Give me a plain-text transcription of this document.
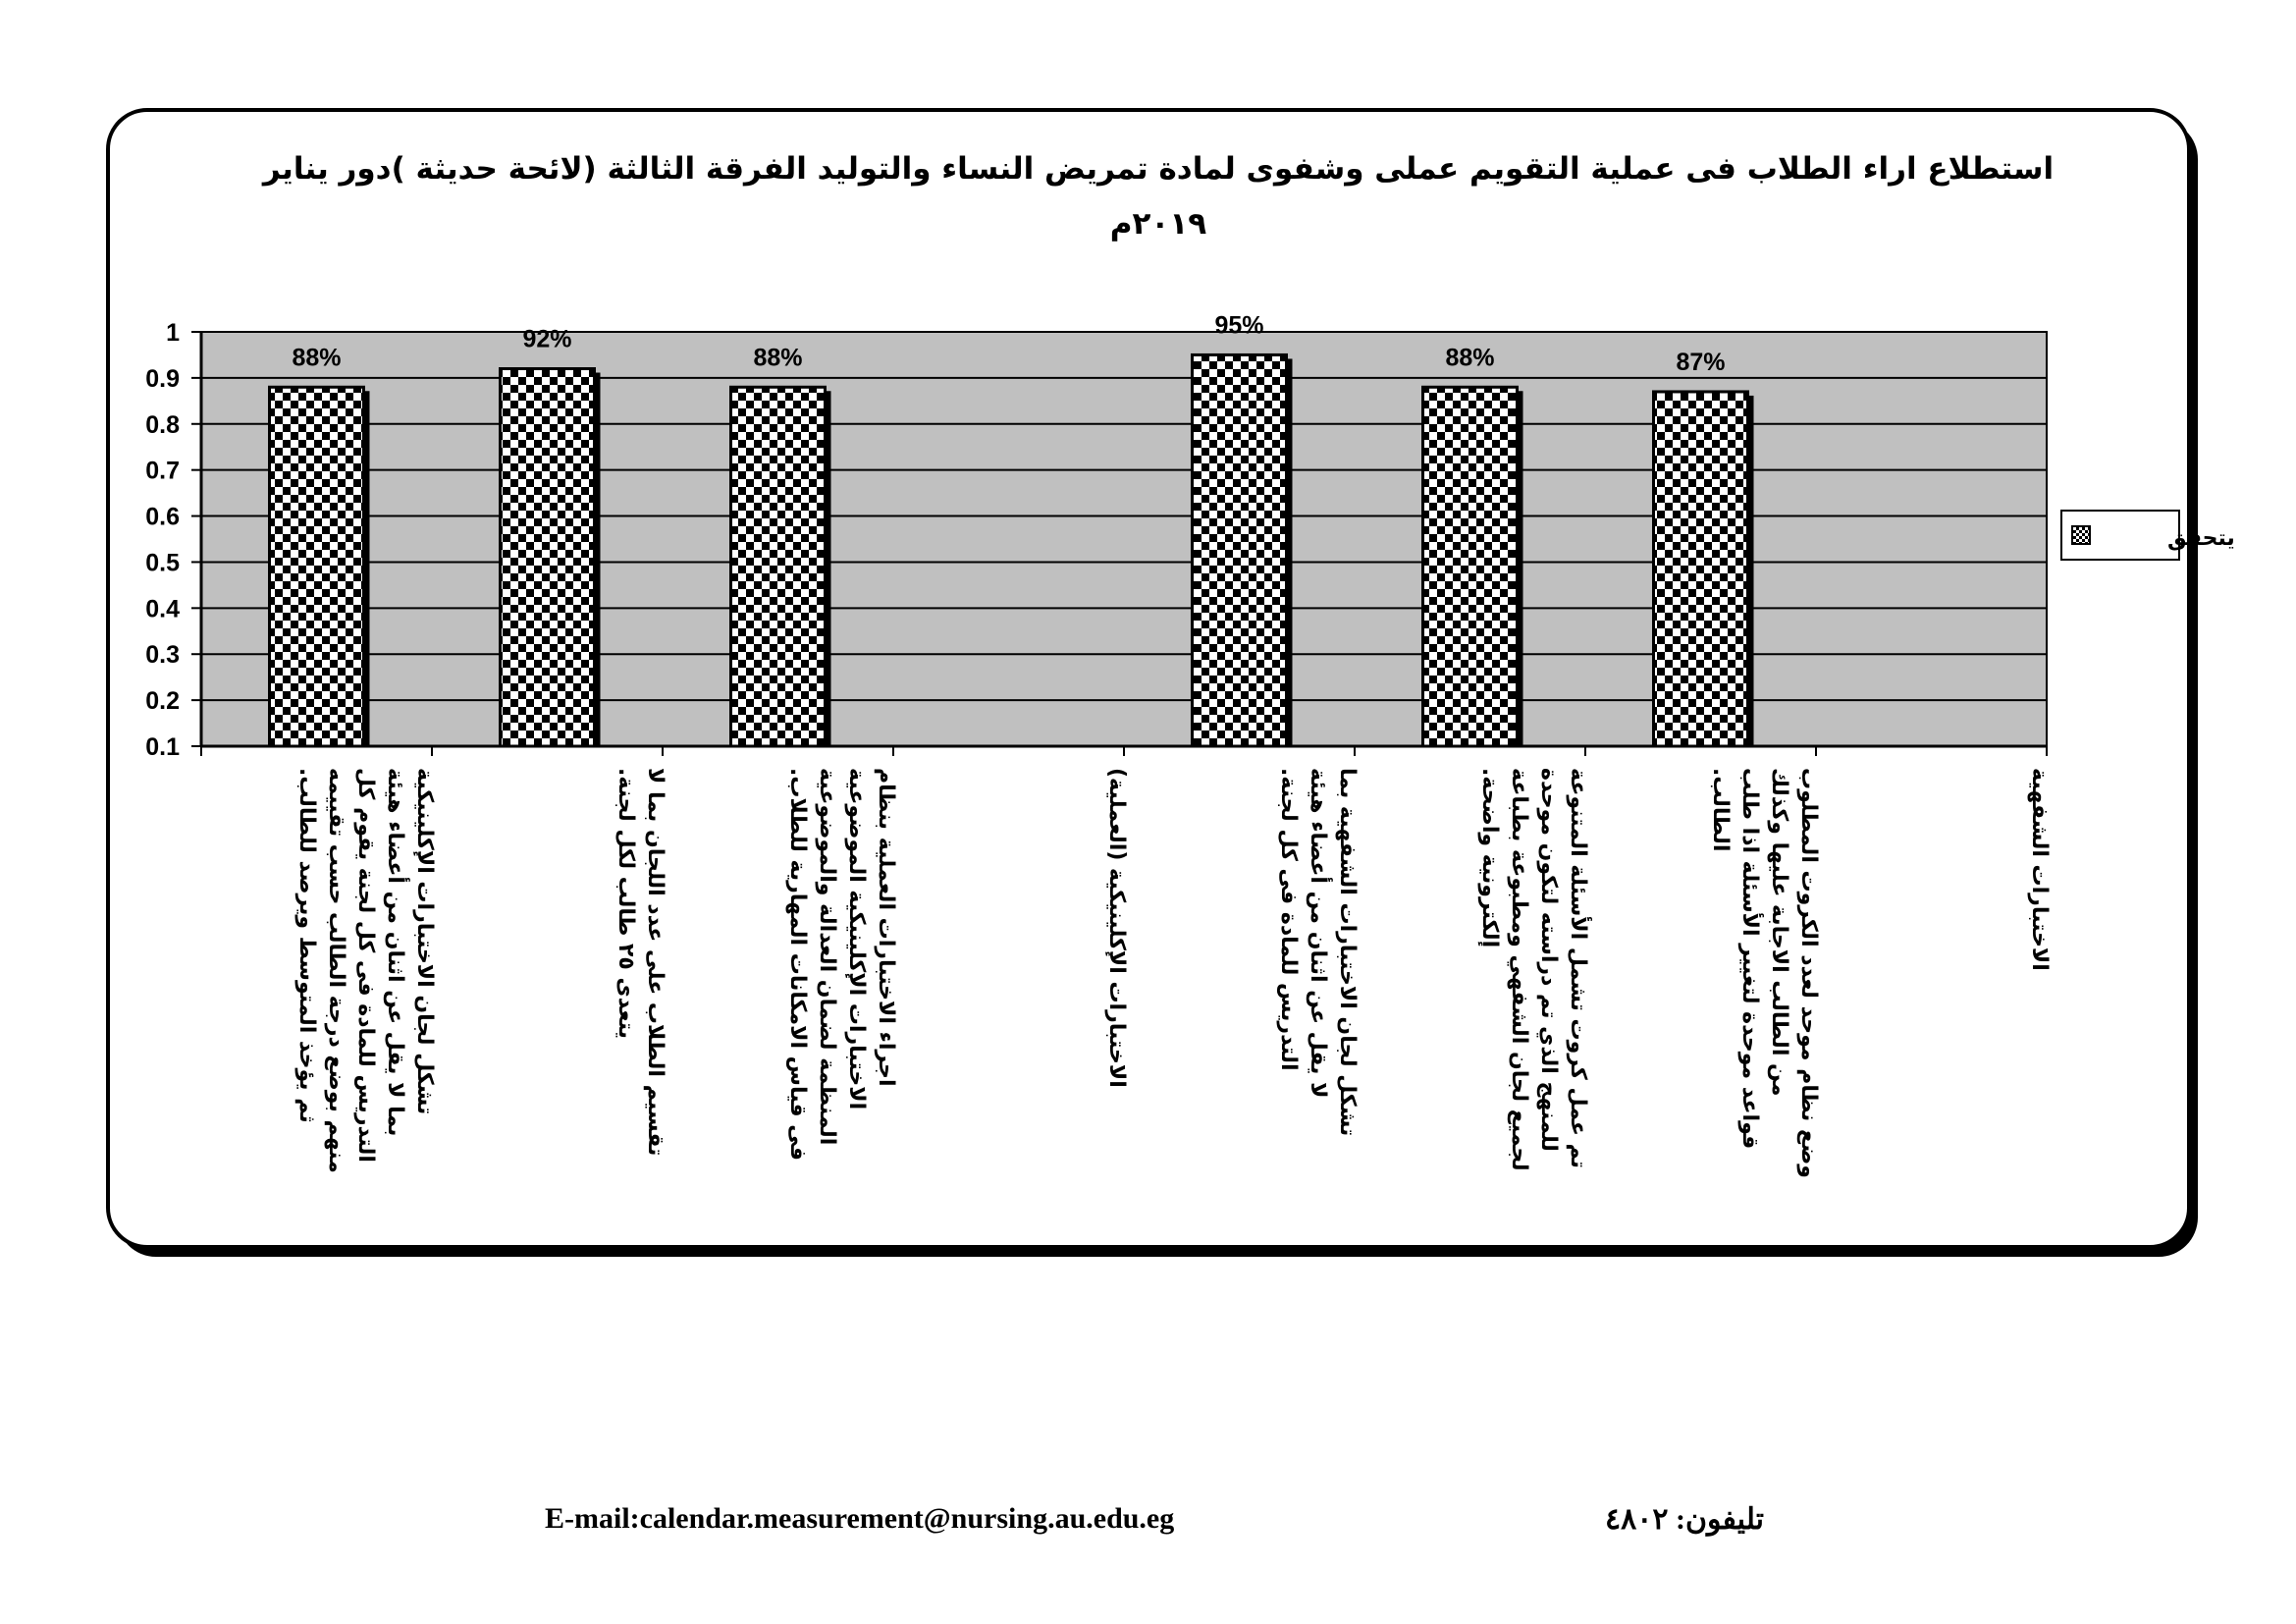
استطلاع اراء الطلاب فى عملية التقويم عملى وشفوى لمادة تمريض النساء والتوليد الفرقة الثالثة (لائحة حديثة )دور يناير
٢٠١٩م
1
0.9
0.8
0.7
0.6
0.5
0.4
0.3
0.2
0.1
87%
88%
95%
88%
92%
88%
الاختبارات الشفهية
وضع نظام موحد لعدد الكروت المطلوب
من الطالب الاجابة عليها وكذلك
قواعد موحدة لتغيير الأسئلة اذا طلب
الطالب.
تم عمل كروت تشمل الأسئلة المتنوعة
للمنهج الذي تم دراسته لتكون موحدة
لجميع لجان الشفهي ومطبوعة بطباعة
إلكترونية واضحة.
تشكل لجان الاختبارات الشفهية بما
لا يقل عن اثنان من أعضاء هيئة
التدريس للمادة فى كل لجنة.
الاختبارات الإكلينيكية (العملية)
اجراء الاختبارات العملية بنظام
الاختبارات الإكلينيكية الموضوعية
المنظمة لضمان العدالة والموضوعية
فى قياس الامكانات المهارية للطلاب.
تقسيم الطلاب على عدد اللجان بما لا
يتعدى ٢٥ طالب لكل لجنة.
تشكل لجان الاختبارات الإكلينيكية
بما لا يقل عن اثنان من أعضاء هيئة
التدريس للمادة فى كل لجنة يقوم كل
منهم بوضع درجة الطالب حسب تقييمه
ثم يؤخذ المتوسط ويرصد للطالب.
يتحقق
E-mail:calendar.measurement@nursing.au.edu.eg	تليفون: ٤٨٠٢
